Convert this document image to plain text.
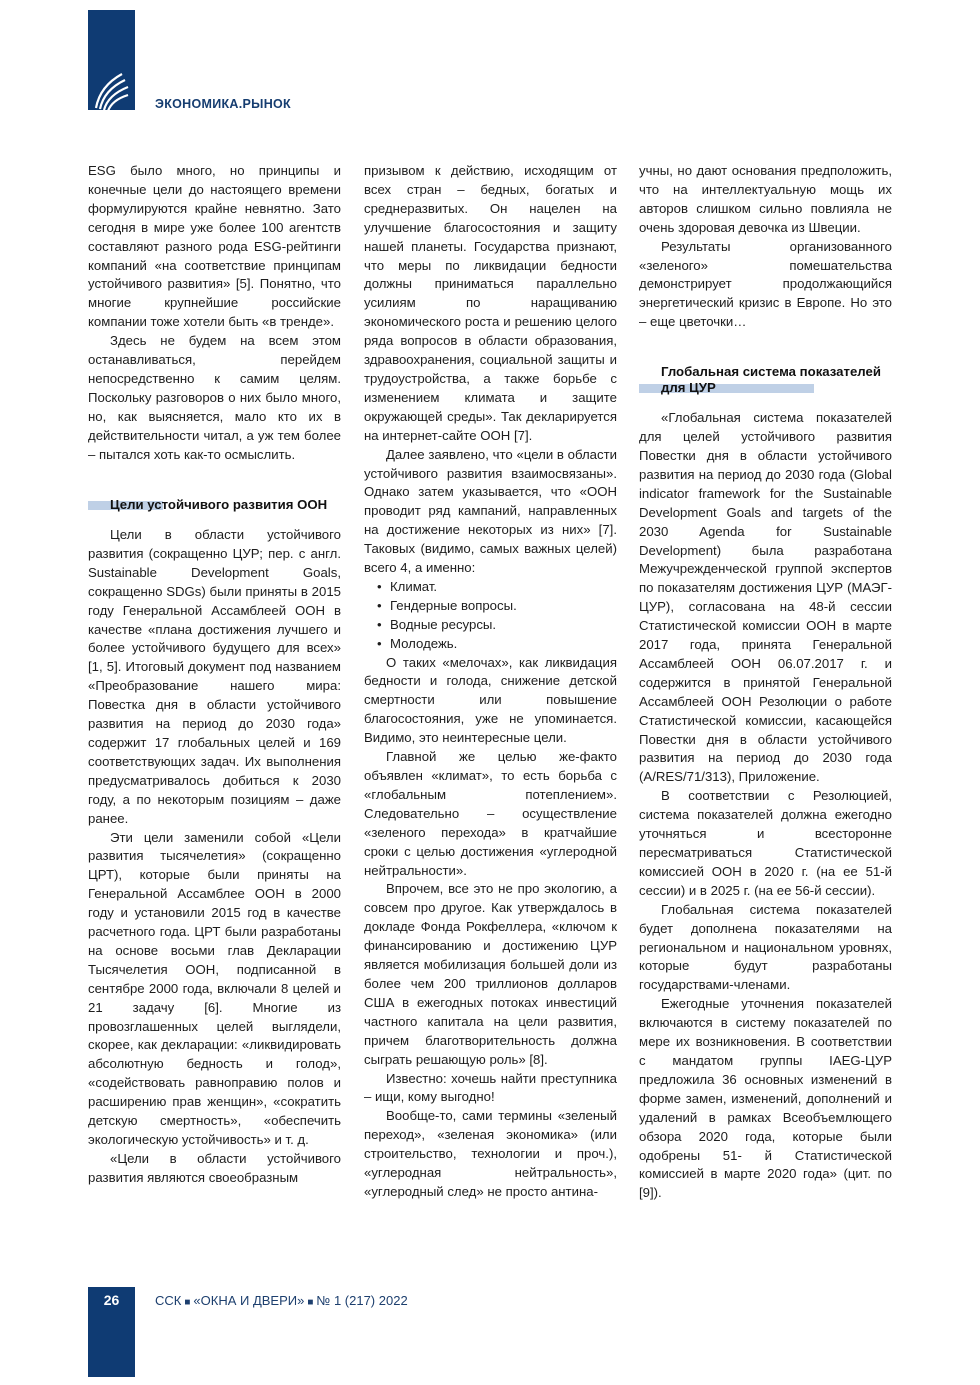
ЭКОНОМИКА.РЫНОК

ESG было много, но принципы и конечные цели до настоящего времени формулируются крайне невнятно. Зато сегодня в мире уже более 100 агентств составляют разного рода ESG-рейтинги компаний «на соответствие принципам устойчивого развития» [5]. Понятно, что многие крупнейшие российские компании тоже хотели быть «в тренде».

Здесь не будем на всем этом останавливаться, перейдем непосредственно к самим целям. Поскольку разговоров о них было много, но, как выясняется, мало кто их в действительности читал, а уж тем более – пытался хоть как-то осмыслить.

Цели устойчивого развития ООН

Цели в области устойчивого развития (сокращенно ЦУР; пер. с англ. Sustainable Development Goals, сокращенно SDGs) были приняты в 2015 году Генеральной Ассамблеей ООН в качестве «плана достижения лучшего и более устойчивого будущего для всех» [1, 5]. Итоговый документ под названием «Преобразование нашего мира: Повестка дня в области устойчивого развития на период до 2030 года» содержит 17 глобальных целей и 169 соответствующих задач. Их выполнения предусматривалось добиться к 2030 году, а по некоторым позициям – даже ранее.

Эти цели заменили собой «Цели развития тысячелетия» (сокращенно ЦРТ), которые были приняты на Генеральной Ассамблее ООН в 2000 году и установили 2015 год в качестве расчетного года. ЦРТ были разработаны на основе восьми глав Декларации Тысячелетия ООН, подписанной в сентябре 2000 года, включали 8 целей и 21 задачу [6]. Многие из провозглашенных целей выглядели, скорее, как декларации: «ликвидировать абсолютную бедность и голод», «содействовать равноправию полов и расширению прав женщин», «сократить детскую смертность», «обеспечить экологическую устойчивость» и т. д.

«Цели в области устойчивого развития являются своеобразным

призывом к действию, исходящим от всех стран – бедных, богатых и среднеразвитых. Он нацелен на улучшение благосостояния и защиту нашей планеты. Государства признают, что меры по ликвидации бедности должны приниматься параллельно усилиям по наращиванию экономического роста и решению целого ряда вопросов в области образования, здравоохранения, социальной защиты и трудоустройства, а также борьбе с изменением климата и защите окружающей среды». Так декларируется на интернет-сайте ООН [7].

Далее заявлено, что «цели в области устойчивого развития взаимосвязаны». Однако затем указывается, что «ООН проводит ряд кампаний, направленных на достижение некоторых из них» [7]. Таковых (видимо, самых важных целей) всего 4, а именно:

• Климат.
• Гендерные вопросы.
• Водные ресурсы.
• Молодежь.

О таких «мелочах», как ликвидация бедности и голода, снижение детской смертности или повышение благосостояния, уже не упоминается. Видимо, это неинтересные цели.

Главной же целью же-факто объявлен «климат», то есть борьба с «глобальным потеплением». Следовательно – осуществление «зеленого перехода» в кратчайшие сроки с целью достижения «углеродной нейтральности».

Впрочем, все это не про экологию, а совсем про другое. Как утверждалось в докладе Фонда Рокфеллера, «ключом к финансированию и достижению ЦУР является мобилизация большей доли из более чем 200 триллионов долларов США в ежегодных потоках инвестиций частного капитала на цели развития, причем благотворительность должна сыграть решающую роль» [8].

Известно: хочешь найти преступника – ищи, кому выгодно!

Вообще-то, сами термины «зеленый переход», «зеленая экономика» (или строительство, технологии и проч.), «углеродная нейтральность», «углеродный след» не просто антина-

учны, но дают основания предположить, что на интеллектуальную мощь их авторов слишком сильно повлияла не очень здоровая девочка из Швеции.

Результаты организованного «зеленого» помешательства демонстрирует продолжающийся энергетический кризис в Европе. Но это – еще цветочки…

Глобальная система показателей для ЦУР

«Глобальная система показателей для целей устойчивого развития Повестки дня в области устойчивого развития на период до 2030 года (Global indicator framework for the Sustainable Development Goals and targets of the 2030 Agenda for Sustainable Development) была разработана Межучрежденческой группой экспертов по показателям достижения ЦУР (МАЭГ-ЦУР), согласована на 48-й сессии Статистической комиссии ООН в марте 2017 года, принята Генеральной Ассамблеей ООН 06.07.2017 г. и содержится в принятой Генеральной Ассамблеей ООН Резолюции о работе Статистической комиссии, касающейся Повестки дня в области устойчивого развития на период до 2030 года (A/RES/71/313), Приложение.

В соответствии с Резолюцией, система показателей должна ежегодно уточняться и всесторонне пересматриваться Статистической комиссией ООН в 2020 г. (на ее 51-й сессии) и в 2025 г. (на ее 56-й сессии).

Глобальная система показателей будет дополнена показателями на региональном и национальном уровнях, которые будут разработаны государствами-членами.

Ежегодные уточнения показателей включаются в систему показателей по мере их возникновения. В соответствии с мандатом группы IAEG-ЦУР предложила 36 основных изменений в форме замен, изменений, дополнений и удалений в рамках Всеобъемлющего обзора 2020 года, которые были одобрены 51- й Статистической комиссией в марте 2020 года» (цит. по [9]).

26	ССК ■ «ОКНА И ДВЕРИ» ■ № 1 (217) 2022
